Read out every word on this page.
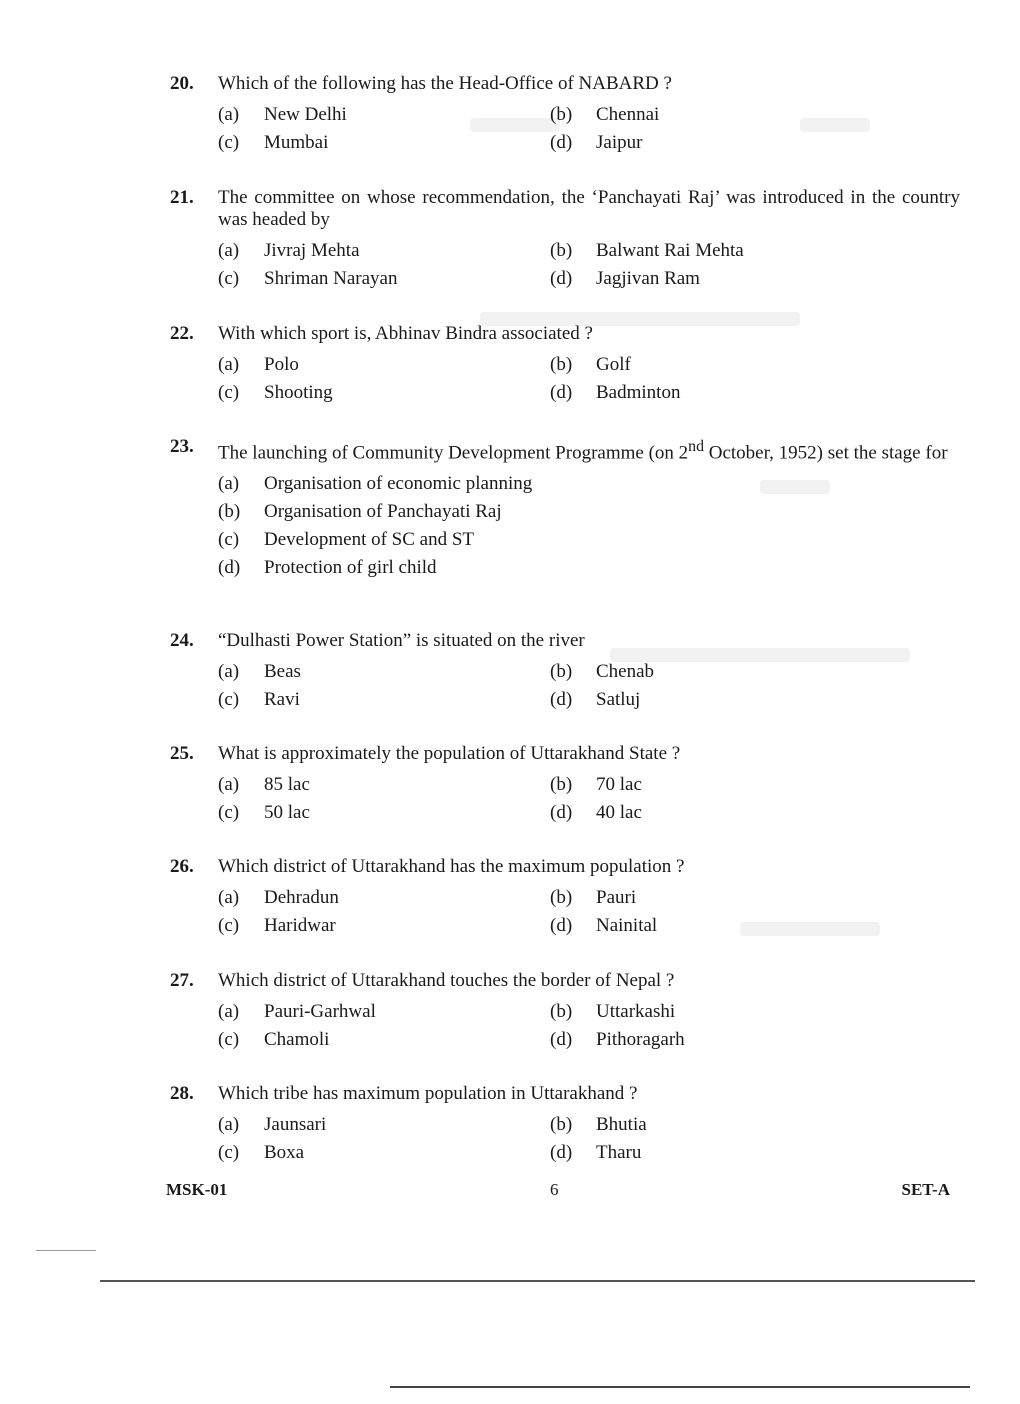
20. Which of the following has the Head-Office of NABARD ?
(a)	New Delhi	(b)	Chennai
(c)	Mumbai	(d)	Jaipur
21. The committee on whose recommendation, the ‘Panchayati Raj’ was introduced in the country was headed by
(a)	Jivraj Mehta	(b)	Balwant Rai Mehta
(c)	Shriman Narayan	(d)	Jagjivan Ram
22. With which sport is, Abhinav Bindra associated ?
(a)	Polo	(b)	Golf
(c)	Shooting	(d)	Badminton
23. The launching of Community Development Programme (on 2nd October, 1952) set the stage for
(a)	Organisation of economic planning
(b)	Organisation of Panchayati Raj
(c)	Development of SC and ST
(d)	Protection of girl child
24. “Dulhasti Power Station” is situated on the river
(a)	Beas	(b)	Chenab
(c)	Ravi	(d)	Satluj
25. What is approximately the population of Uttarakhand State ?
(a)	85 lac	(b)	70 lac
(c)	50 lac	(d)	40 lac
26. Which district of Uttarakhand has the maximum population ?
(a)	Dehradun	(b)	Pauri
(c)	Haridwar	(d)	Nainital
27. Which district of Uttarakhand touches the border of Nepal ?
(a)	Pauri-Garhwal	(b)	Uttarkashi
(c)	Chamoli	(d)	Pithoragarh
28. Which tribe has maximum population in Uttarakhand ?
(a)	Jaunsari	(b)	Bhutia
(c)	Boxa	(d)	Tharu
MSK-01	6	SET-A
